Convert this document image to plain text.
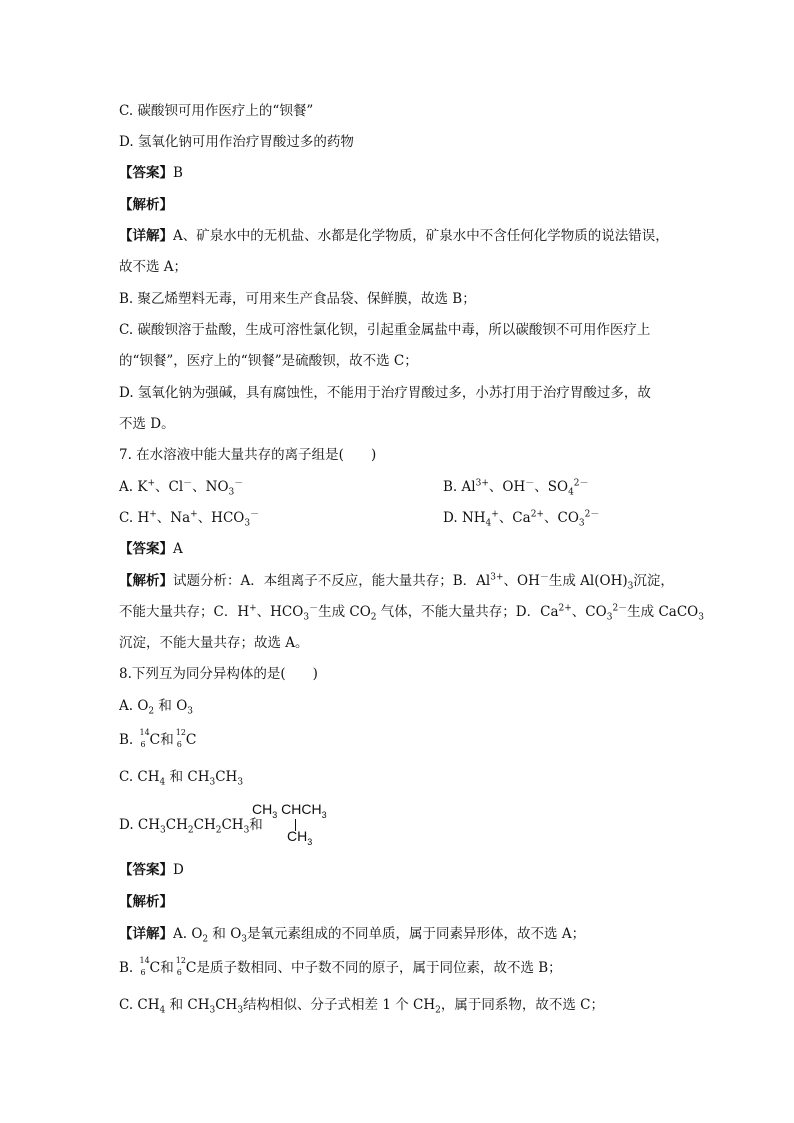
C. 碳酸钡可用作医疗上的“钡餐”
D. 氢氧化钠可用作治疗胃酸过多的药物
【答案】B
【解析】
【详解】A、矿泉水中的无机盐、水都是化学物质，矿泉水中不含任何化学物质的说法错误，
故不选 A；
B. 聚乙烯塑料无毒，可用来生产食品袋、保鲜膜，故选 B；
C. 碳酸钡溶于盐酸，生成可溶性氯化钡，引起重金属盐中毒，所以碳酸钡不可用作医疗上
的“钡餐”，医疗上的“钡餐”是硫酸钡，故不选 C；
D. 氢氧化钠为强碱，具有腐蚀性，不能用于治疗胃酸过多，小苏打用于治疗胃酸过多，故
不选 D。
7. 在水溶液中能大量共存的离子组是(　　)
A. K+、Cl－、$NO_3^-$	B. $Al^{3+}$、OH－、$SO_4^{2-}$
C. H+、Na+、$HCO_3^-$	D. $NH_4^+$、$Ca^{2+}$、$CO_3^{2-}$
【答案】A
【解析】试题分析：A．本组离子不反应，能大量共存；B．$Al^{3+}$、OH－生成 $Al(OH)_3$沉淀，
不能大量共存；C．H+、$HCO_3^-$生成 $CO_2$ 气体，不能大量共存；D．$Ca^{2+}$、$CO_3^{2-}$生成 CaCO$_3$
沉淀，不能大量共存；故选 A。
8.下列互为同分异构体的是(　　)
A. $O_2$ 和 $O_3$
B. 14
6 C和 12
6 C
C. $CH_4$ 和 $CH_3CH_3$
D. $CH_3CH_2CH_2CH_3$和
$CH_3$ $CHCH_3$
$CH_3$
【答案】D
【解析】
【详解】A. $O_2$ 和 $O_3$是氧元素组成的不同单质，属于同素异形体，故不选 A；
B. 14
6 C和 12
6 C是质子数相同、中子数不同的原子，属于同位素，故不选 B；
C. $CH_4$ 和 $CH_3CH_3$结构相似、分子式相差 1 个 $CH_2$，属于同系物，故不选 C；
